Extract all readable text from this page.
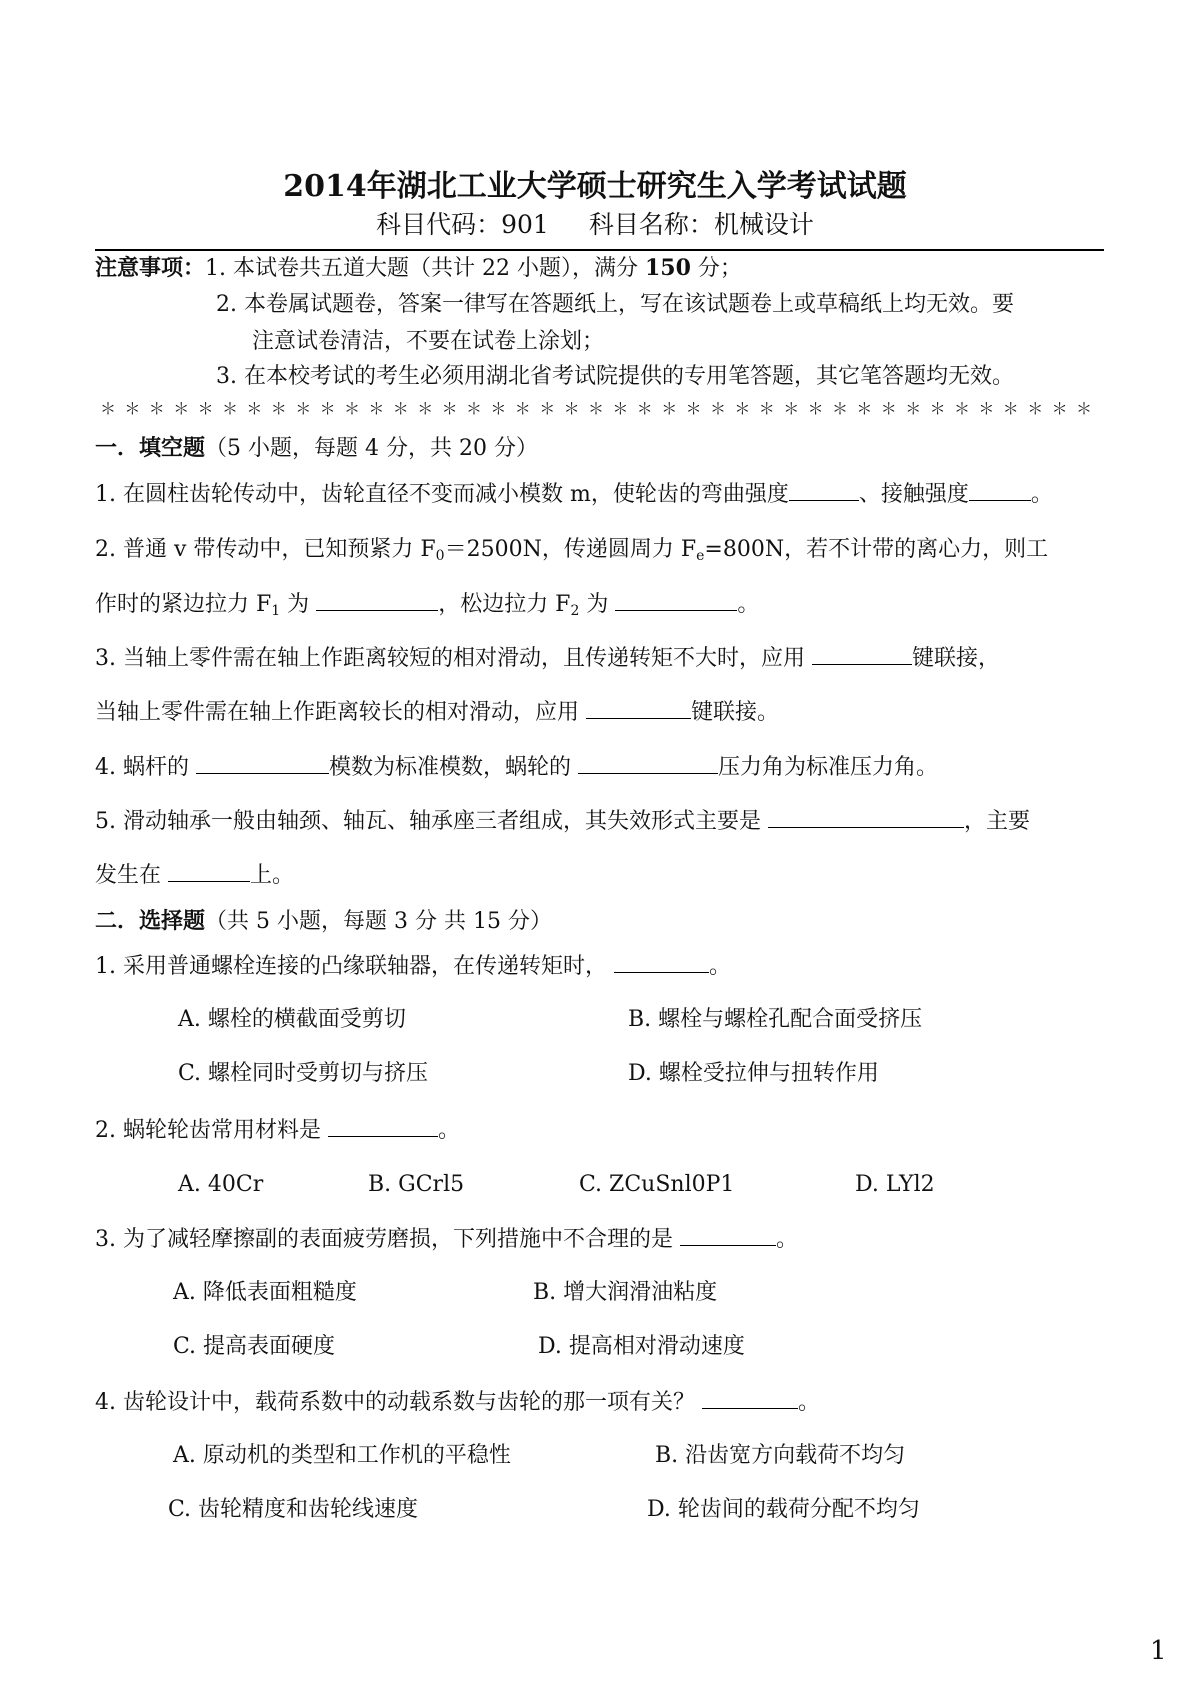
2014年湖北工业大学硕士研究生入学考试试题
科目代码：901 科目名称：机械设计
注意事项：1. 本试卷共五道大题（共计 22 小题），满分 150 分；
2. 本卷属试题卷，答案一律写在答题纸上，写在该试题卷上或草稿纸上均无效。要
注意试卷清洁，不要在试卷上涂划；
3. 在本校考试的考生必须用湖北省考试院提供的专用笔答题，其它笔答题均无效。
＊＊＊＊＊＊＊＊＊＊＊＊＊＊＊＊＊＊＊＊＊＊＊＊＊＊＊＊＊＊＊＊＊＊＊＊＊＊＊＊＊
一．填空题（5 小题，每题 4 分，共 20 分）
1. 在圆柱齿轮传动中，齿轮直径不变而减小模数 m，使轮齿的弯曲强度	、接触强度	。
2. 普通 v 带传动中，已知预紧力 $F_0=2500N$，传递圆周力 $F_e=800N$，若不计带的离心力，则工
作时的紧边拉力 $F_1$ 为	，松边拉力 $F_2$ 为	。
3. 当轴上零件需在轴上作距离较短的相对滑动，且传递转矩不大时，应用	键联接，
当轴上零件需在轴上作距离较长的相对滑动，应用	键联接。
4. 蜗杆的	模数为标准模数，蜗轮的	压力角为标准压力角。
5. 滑动轴承一般由轴颈、轴瓦、轴承座三者组成，其失效形式主要是	，主要
发生在	上。
二．选择题（共 5 小题，每题 3 分 共 15 分）
1. 采用普通螺栓连接的凸缘联轴器，在传递转矩时，	。
A. 螺栓的横截面受剪切	B. 螺栓与螺栓孔配合面受挤压
C. 螺栓同时受剪切与挤压	D. 螺栓受拉伸与扭转作用
2. 蜗轮轮齿常用材料是	。
A. 40Cr	B. GCrl5	C. ZCuSnl0P1	D. LYl2
3. 为了减轻摩擦副的表面疲劳磨损，下列措施中不合理的是	。
A. 降低表面粗糙度	B. 增大润滑油粘度
C. 提高表面硬度	D. 提高相对滑动速度
4. 齿轮设计中，载荷系数中的动载系数与齿轮的那一项有关？	。
A. 原动机的类型和工作机的平稳性	B. 沿齿宽方向载荷不均匀
C. 齿轮精度和齿轮线速度	D. 轮齿间的载荷分配不均匀
1
